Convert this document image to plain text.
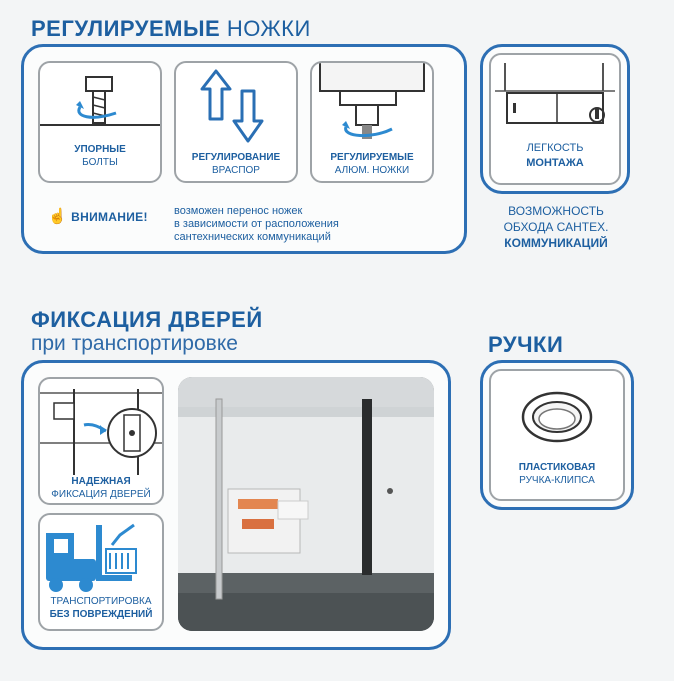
РЕГУЛИРУЕМЫЕ НОЖКИ
УПОРНЫЕ
БОЛТЫ	РЕГУЛИРОВАНИЕ
ВРАСПОР
РЕГУЛИРУЕМЫЕ
АЛЮМ. НОЖКИ
☝ ВНИМАНИЕ!	возможен перенос ножек
в зависимости от расположения
сантехнических коммуникаций
ЛЕГКОСТЬ
МОНТАЖА
ВОЗМОЖНОСТЬ
ОБХОДА САНТЕХ.
КОММУНИКАЦИЙ
ФИКСАЦИЯ ДВЕРЕЙ
при транспортировке
НАДЕЖНАЯ
ФИКСАЦИЯ ДВЕРЕЙ
ТРАНСПОРТИРОВКА
БЕЗ ПОВРЕЖДЕНИЙ
РУЧКИ
ПЛАСТИКОВАЯ
РУЧКА-КЛИПСА
